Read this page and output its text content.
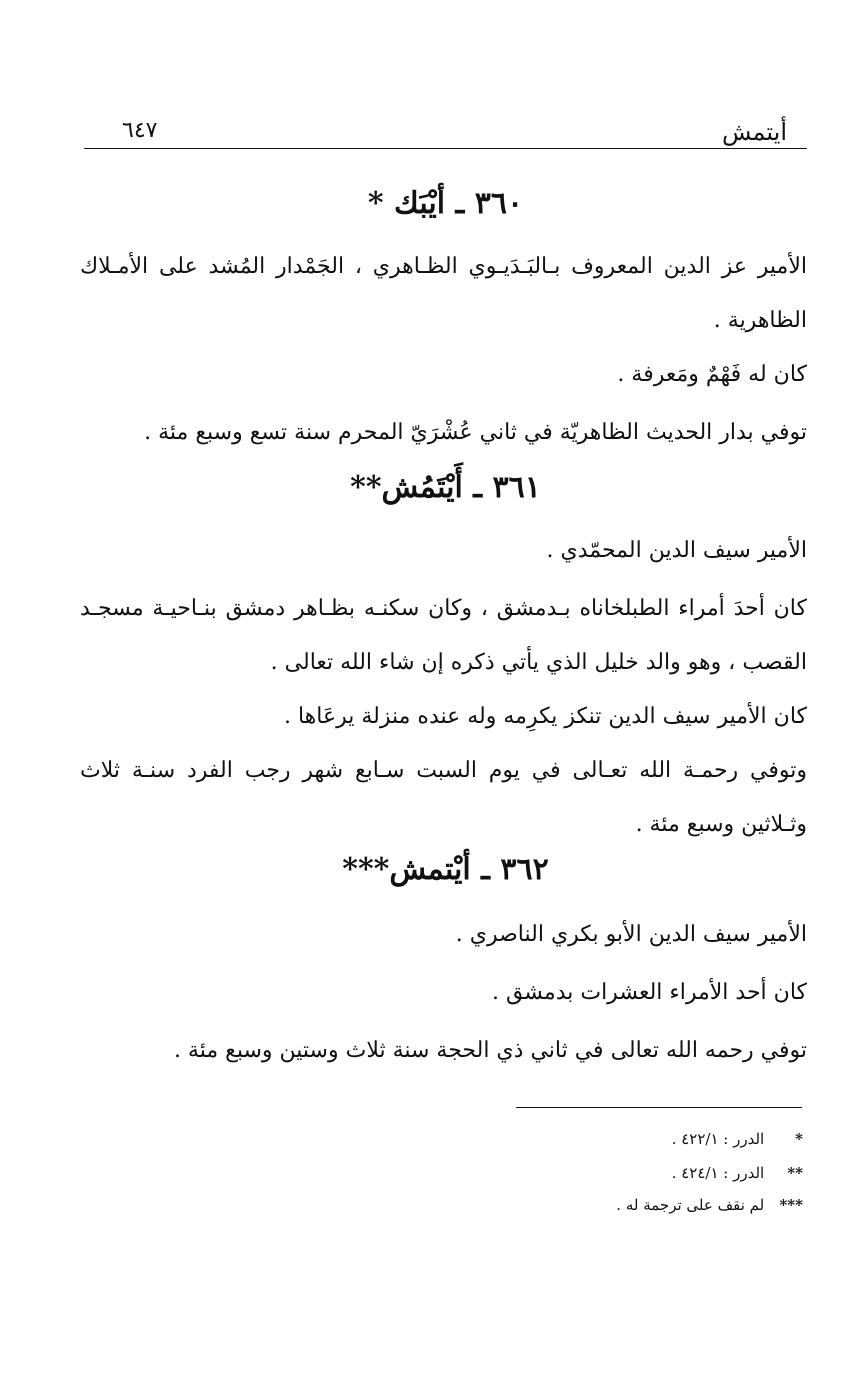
أيتمش
٦٤٧
٣٦٠ ـ أيْبَك *
الأمير عز الدين المعروف بـالبَـدَيـوي الظـاهري ، الجَمْدار المُشد على الأمـلاك الظاهرية .
كان له فَهْمٌ ومَعرفة .
توفي بدار الحديث الظاهريّة في ثاني عُشْرَيّ المحرم سنة تسع وسبع مئة .
٣٦١ ـ أَيْتَمُش**
الأمير سيف الدين المحمّدي .
كان أحدَ أمراء الطبلخاناه بـدمشق ، وكان سكنـه بظـاهر دمشق بنـاحيـة مسجـد القصب ، وهو والد خليل الذي يأتي ذكره إن شاء الله تعالى .
كان الأمير سيف الدين تنكز يكرِمه وله عنده منزلة يرعَاها .
وتوفي رحمـة الله تعـالى في يوم السبت سـابع شهر رجب الفرد سنـة ثلاث وثـلاثين وسبع مئة .
٣٦٢ ـ أيْتمش***
الأمير سيف الدين الأبو بكري الناصري .
كان أحد الأمراء العشرات بدمشق .
توفي رحمه الله تعالى في ثاني ذي الحجة سنة ثلاث وستين وسبع مئة .
* الدرر : ٤٢٢/١ .
** الدرر : ٤٢٤/١ .
*** لم نقف على ترجمة له .
